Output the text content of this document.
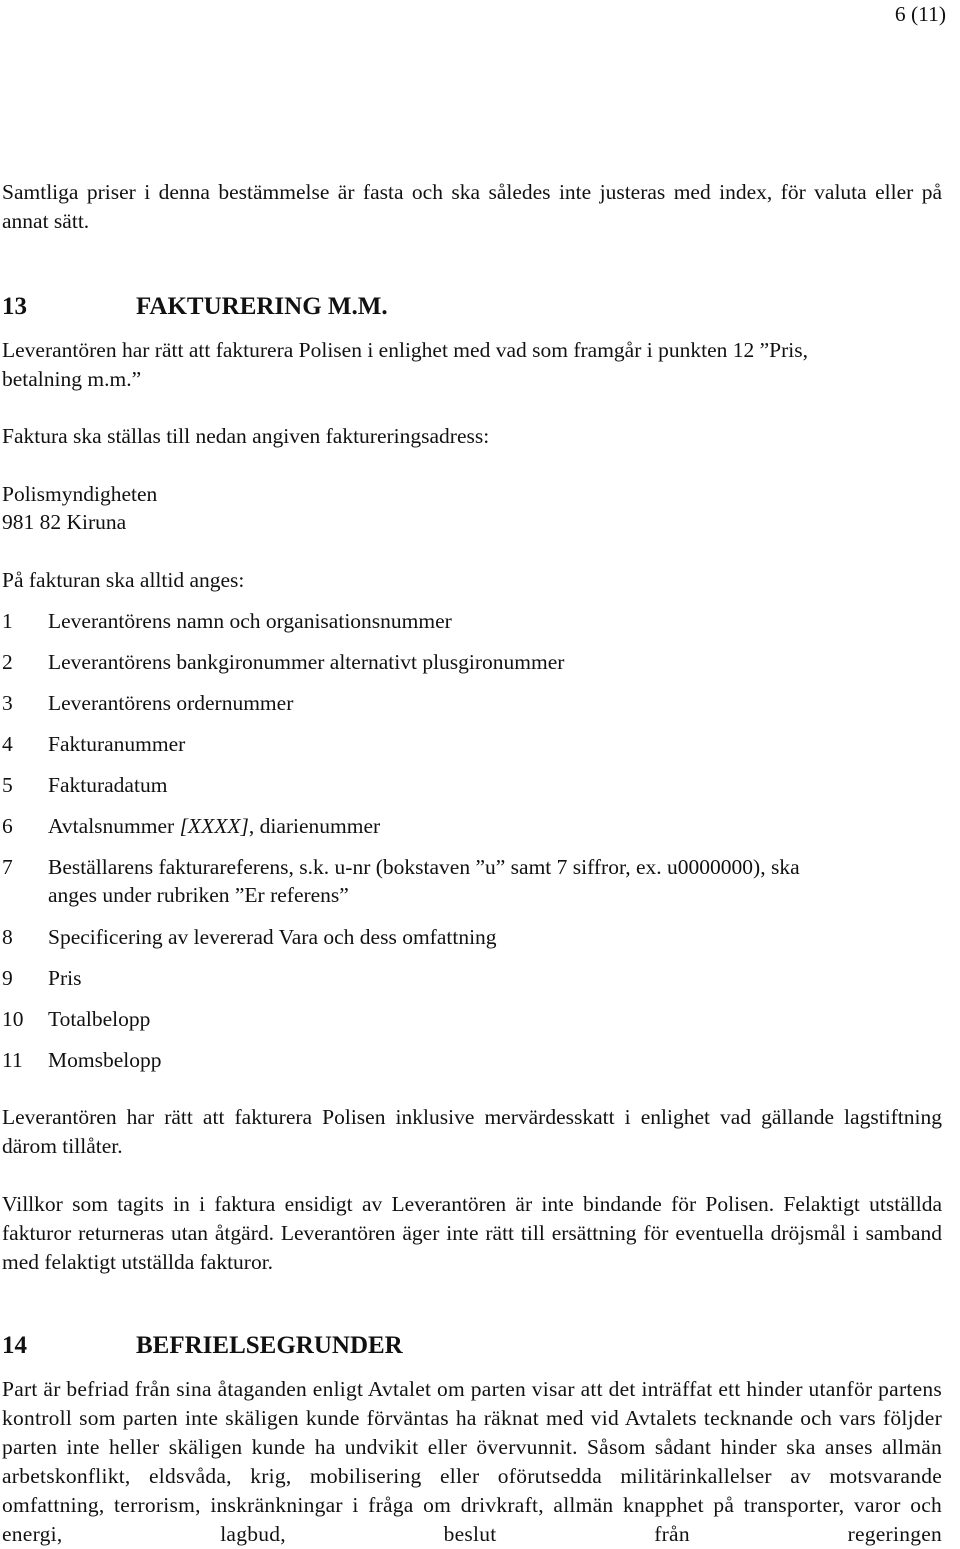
6 (11)

Samtliga priser i denna bestämmelse är fasta och ska således inte justeras med index, för valuta eller på annat sätt.

13	FAKTURERING M.M.
Leverantören har rätt att fakturera Polisen i enlighet med vad som framgår i punkten 12 ”Pris,
betalning m.m.”
Faktura ska ställas till nedan angiven faktureringsadress:
Polismyndigheten
981 82 Kiruna
På fakturan ska alltid anges:
1 Leverantörens namn och organisationsnummer
2 Leverantörens bankgironummer alternativt plusgironummer
3 Leverantörens ordernummer
4 Fakturanummer
5 Fakturadatum
6 Avtalsnummer [XXXX], diarienummer
7 Beställarens fakturareferens, s.k. u-nr (bokstaven ”u” samt 7 siffror, ex. u0000000), ska
anges under rubriken ”Er referens”
8 Specificering av levererad Vara och dess omfattning
9 Pris
10 Totalbelopp
11 Momsbelopp

Leverantören har rätt att fakturera Polisen inklusive mervärdesskatt i enlighet vad gällande lagstiftning därom tillåter.

Villkor som tagits in i faktura ensidigt av Leverantören är inte bindande för Polisen. Felaktigt utställda fakturor returneras utan åtgärd. Leverantören äger inte rätt till ersättning för eventuella dröjsmål i samband med felaktigt utställda fakturor.

14	BEFRIELSEGRUNDER

Part är befriad från sina åtaganden enligt Avtalet om parten visar att det inträffat ett hinder utanför partens kontroll som parten inte skäligen kunde förväntas ha räknat med vid Avtalets tecknande och vars följder parten inte heller skäligen kunde ha undvikit eller övervunnit. Såsom sådant hinder ska anses allmän arbetskonflikt, eldsvåda, krig, mobilisering eller oförutsedda militärinkallelser av motsvarande omfattning, terrorism, inskränkningar i fråga om drivkraft, allmän knapphet på transporter, varor och energi, lagbud, beslut från regeringen
